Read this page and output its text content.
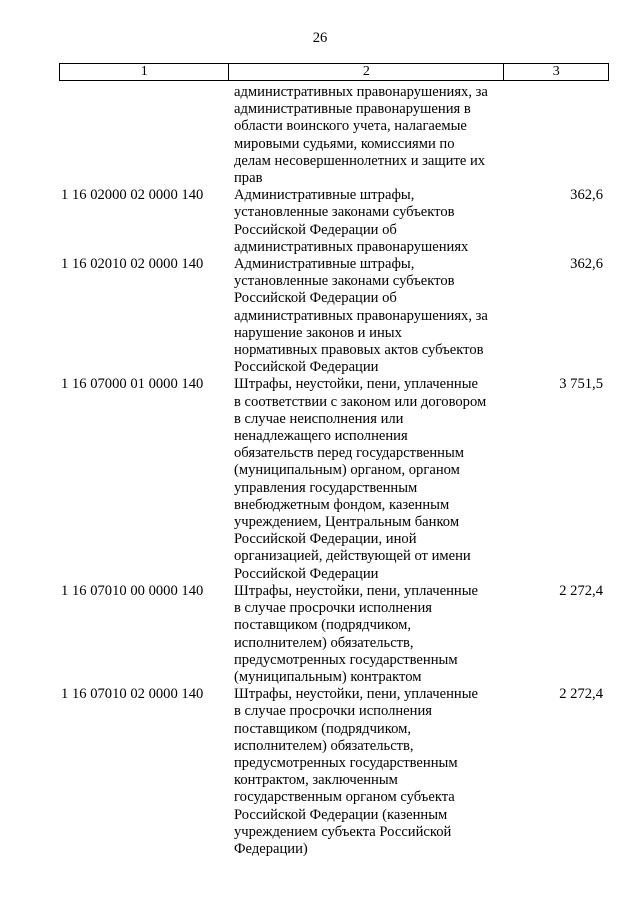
26
1	2	3
административных правонарушениях, за
административные правонарушения в
области воинского учета, налагаемые
мировыми судьями, комиссиями по
делам несовершеннолетних и защите их
прав
1 16 02000 02 0000 140	Административные штрафы,
установленные законами субъектов
Российской Федерации об
административных правонарушениях
362,6
1 16 02010 02 0000 140	Административные штрафы,
установленные законами субъектов
Российской Федерации об
административных правонарушениях, за
нарушение законов и иных
нормативных правовых актов субъектов
Российской Федерации
362,6
1 16 07000 01 0000 140	Штрафы, неустойки, пени, уплаченные
в соответствии с законом или договором
в случае неисполнения или
ненадлежащего исполнения
обязательств перед государственным
(муниципальным) органом, органом
управления государственным
внебюджетным фондом, казенным
учреждением, Центральным банком
Российской Федерации, иной
организацией, действующей от имени
Российской Федерации
3 751,5
1 16 07010 00 0000 140	Штрафы, неустойки, пени, уплаченные
в случае просрочки исполнения
поставщиком (подрядчиком,
исполнителем) обязательств,
предусмотренных государственным
(муниципальным) контрактом
2 272,4
1 16 07010 02 0000 140	Штрафы, неустойки, пени, уплаченные
в случае просрочки исполнения
поставщиком (подрядчиком,
исполнителем) обязательств,
предусмотренных государственным
контрактом, заключенным
государственным органом субъекта
Российской Федерации (казенным
учреждением субъекта Российской
Федерации)
2 272,4
